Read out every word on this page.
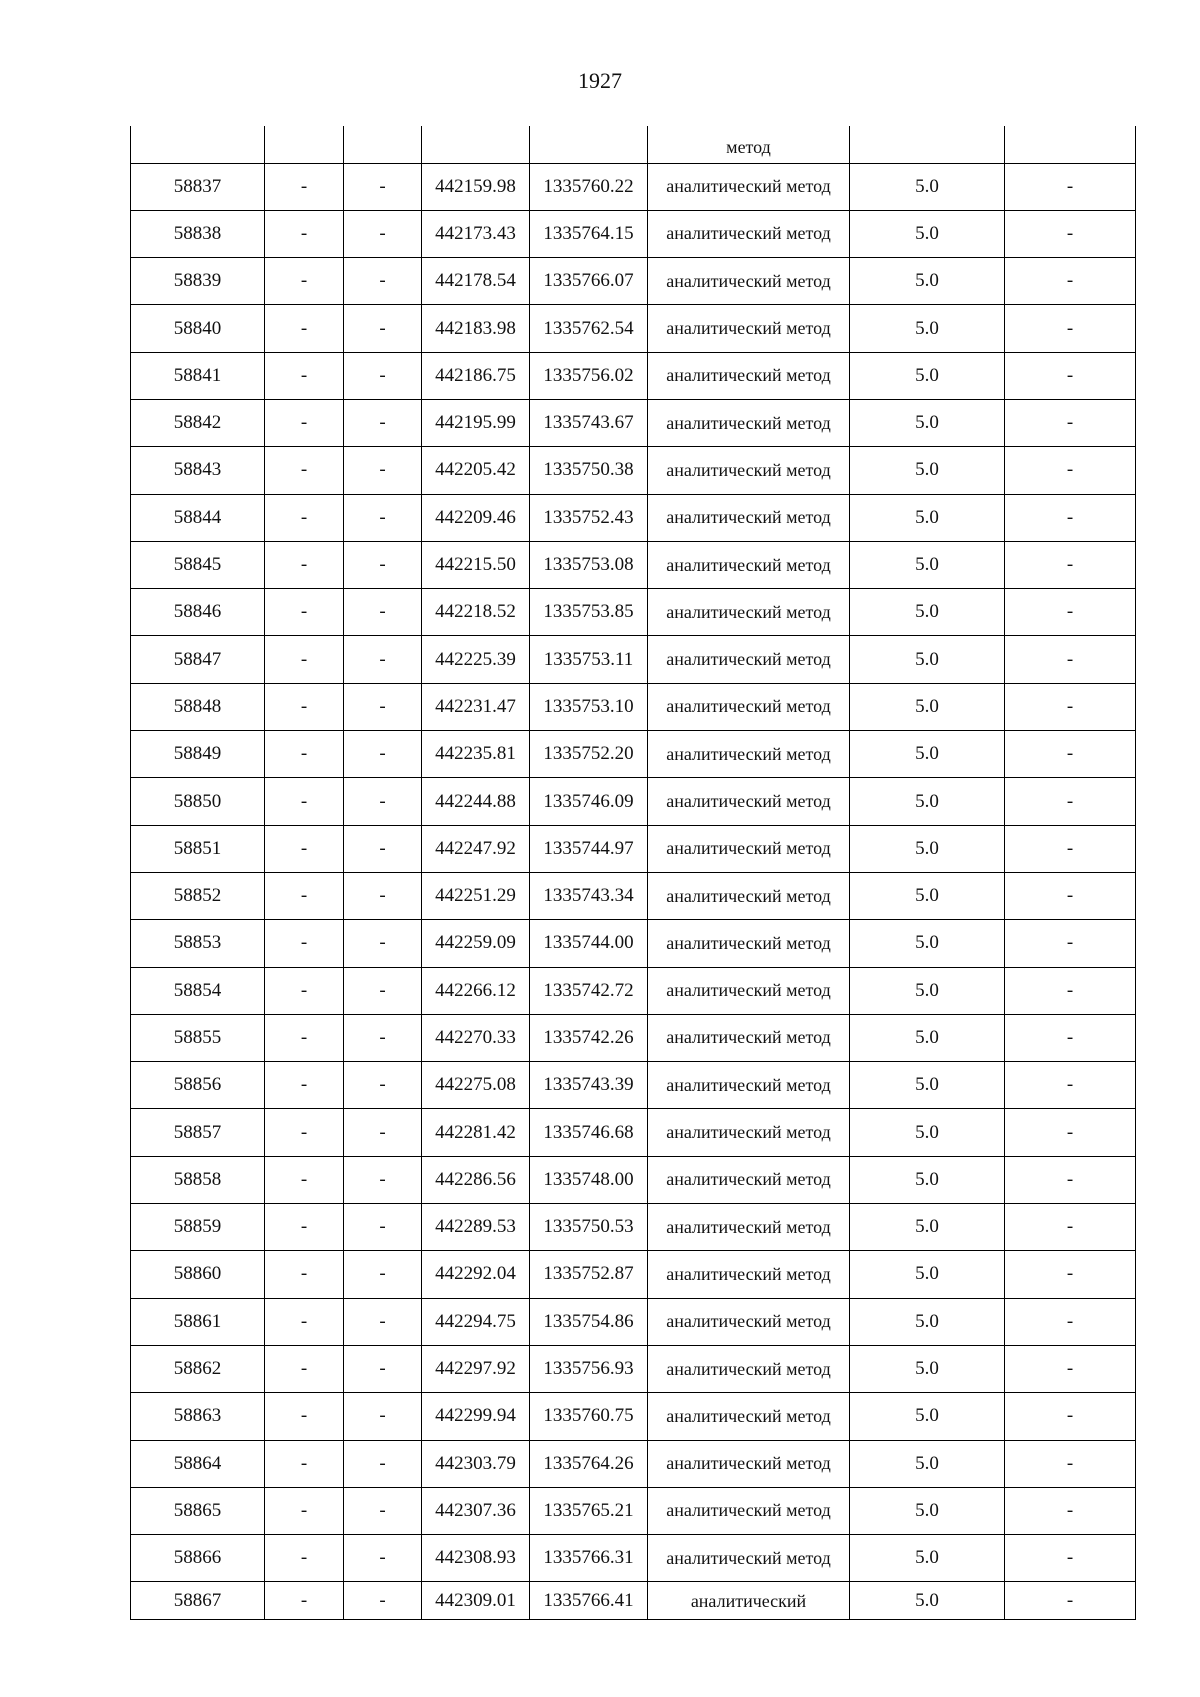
1927
					метод		
58837	-	-	442159.98	1335760.22	аналитический метод	5.0	-
58838	-	-	442173.43	1335764.15	аналитический метод	5.0	-
58839	-	-	442178.54	1335766.07	аналитический метод	5.0	-
58840	-	-	442183.98	1335762.54	аналитический метод	5.0	-
58841	-	-	442186.75	1335756.02	аналитический метод	5.0	-
58842	-	-	442195.99	1335743.67	аналитический метод	5.0	-
58843	-	-	442205.42	1335750.38	аналитический метод	5.0	-
58844	-	-	442209.46	1335752.43	аналитический метод	5.0	-
58845	-	-	442215.50	1335753.08	аналитический метод	5.0	-
58846	-	-	442218.52	1335753.85	аналитический метод	5.0	-
58847	-	-	442225.39	1335753.11	аналитический метод	5.0	-
58848	-	-	442231.47	1335753.10	аналитический метод	5.0	-
58849	-	-	442235.81	1335752.20	аналитический метод	5.0	-
58850	-	-	442244.88	1335746.09	аналитический метод	5.0	-
58851	-	-	442247.92	1335744.97	аналитический метод	5.0	-
58852	-	-	442251.29	1335743.34	аналитический метод	5.0	-
58853	-	-	442259.09	1335744.00	аналитический метод	5.0	-
58854	-	-	442266.12	1335742.72	аналитический метод	5.0	-
58855	-	-	442270.33	1335742.26	аналитический метод	5.0	-
58856	-	-	442275.08	1335743.39	аналитический метод	5.0	-
58857	-	-	442281.42	1335746.68	аналитический метод	5.0	-
58858	-	-	442286.56	1335748.00	аналитический метод	5.0	-
58859	-	-	442289.53	1335750.53	аналитический метод	5.0	-
58860	-	-	442292.04	1335752.87	аналитический метод	5.0	-
58861	-	-	442294.75	1335754.86	аналитический метод	5.0	-
58862	-	-	442297.92	1335756.93	аналитический метод	5.0	-
58863	-	-	442299.94	1335760.75	аналитический метод	5.0	-
58864	-	-	442303.79	1335764.26	аналитический метод	5.0	-
58865	-	-	442307.36	1335765.21	аналитический метод	5.0	-
58866	-	-	442308.93	1335766.31	аналитический метод	5.0	-
58867	-	-	442309.01	1335766.41	аналитический	5.0	-
